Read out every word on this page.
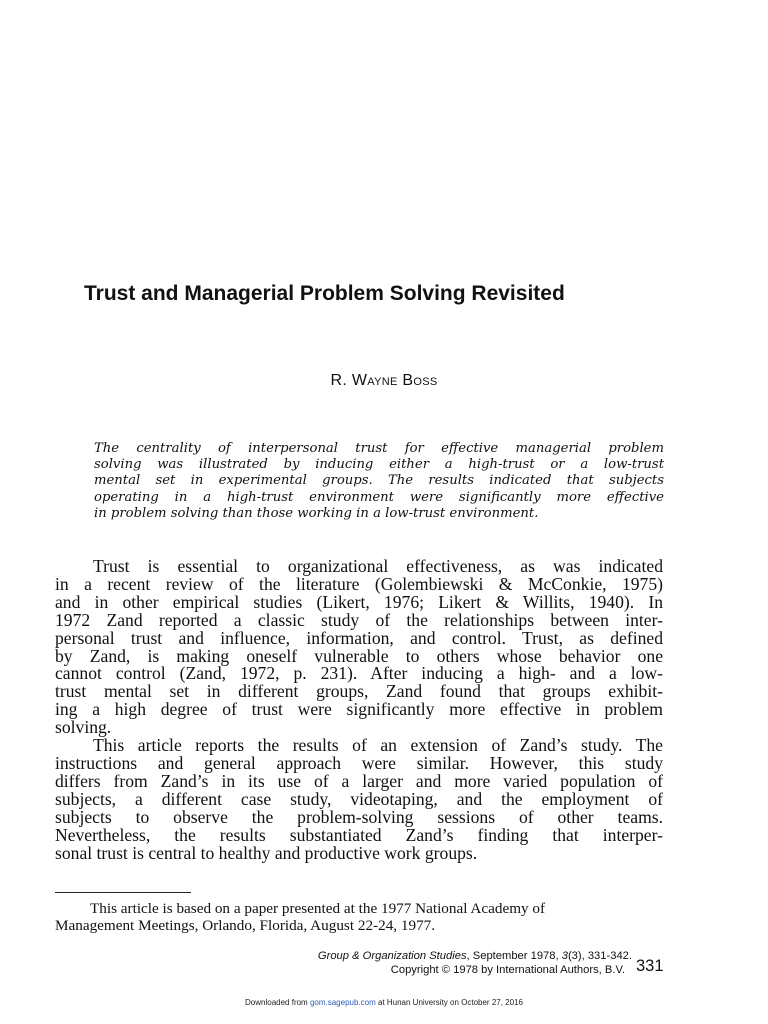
Trust and Managerial Problem Solving Revisited
R. Wayne Boss
The centrality of interpersonal trust for effective managerial problem
solving was illustrated by inducing either a high-trust or a low-trust
mental set in experimental groups. The results indicated that subjects
operating in a high-trust environment were significantly more effective
in problem solving than those working in a low-trust environment.
Trust is essential to organizational effectiveness, as was indicated
in a recent review of the literature (Golembiewski & McConkie, 1975)
and in other empirical studies (Likert, 1976; Likert & Willits, 1940). In
1972 Zand reported a classic study of the relationships between inter-
personal trust and influence, information, and control. Trust, as defined
by Zand, is making oneself vulnerable to others whose behavior one
cannot control (Zand, 1972, p. 231). After inducing a high- and a low-
trust mental set in different groups, Zand found that groups exhibit-
ing a high degree of trust were significantly more effective in problem
solving.
This article reports the results of an extension of Zand’s study. The
instructions and general approach were similar. However, this study
differs from Zand’s in its use of a larger and more varied population of
subjects, a different case study, videotaping, and the employment of
subjects to observe the problem-solving sessions of other teams.
Nevertheless, the results substantiated Zand’s finding that interper-
sonal trust is central to healthy and productive work groups.
This article is based on a paper presented at the 1977 National Academy of
Management Meetings, Orlando, Florida, August 22-24, 1977.
Group & Organization Studies, September 1978, 3(3), 331-342.
Copyright © 1978 by International Authors, B.V. 331
Downloaded from gom.sagepub.com at Hunan University on October 27, 2016
